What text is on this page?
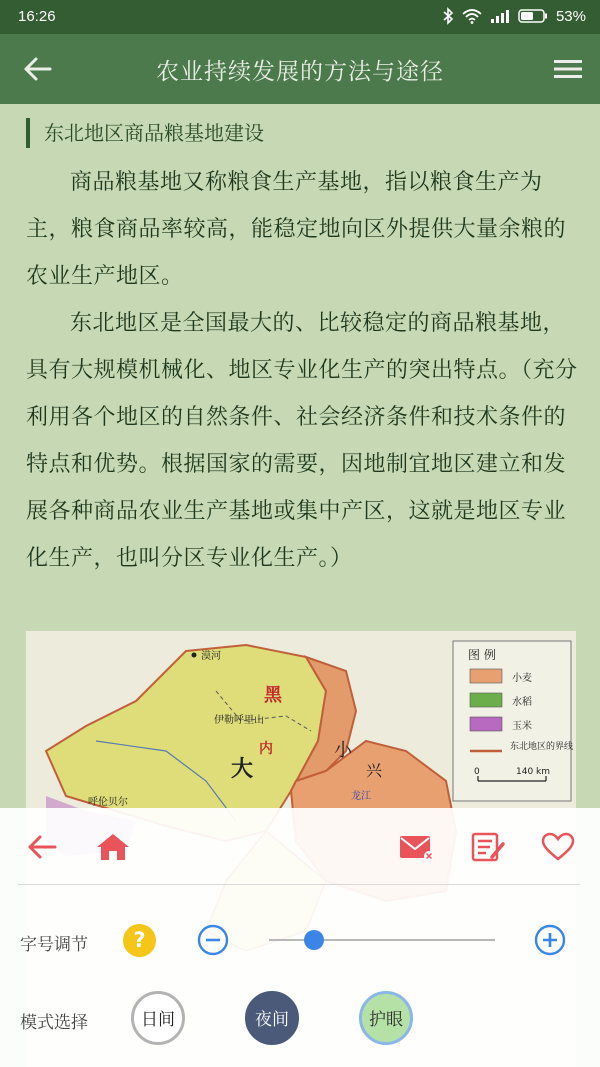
16:26	53%
农业持续发展的方法与途径
东北地区商品粮基地建设

商品粮基地又称粮食生产基地，指以粮食生产为主，粮食商品率较高，能稳定地向区外提供大量余粮的农业生产地区。

东北地区是全国最大的、比较稳定的商品粮基地，具有大规模机械化、地区专业化生产的突出特点。（充分利用各个地区的自然条件、社会经济条件和技术条件的特点和优势。根据国家的需要，因地制宜地区建立和发展各种商品农业生产基地或集中产区，这就是地区专业化生产，也叫分区专业化生产。）

漠河
伊勒呼里山
黑
大
内	小
兴
呼伦贝尔
龙江
图 例
小麦
水稻
玉米
东北地区的界线
0	140 km
字号调节	?
模式选择	日间	夜间	护眼
